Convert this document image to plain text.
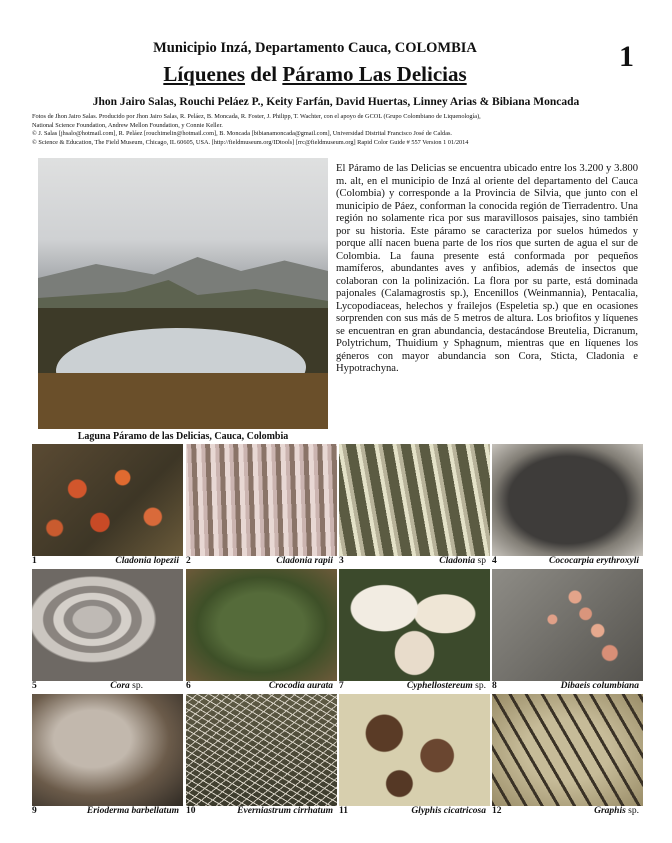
Municipio Inzá, Departamento Cauca, COLOMBIA	1
Líquenes del Páramo Las Delicias
Jhon Jairo Salas, Rouchi Peláez P., Keity Farfán, David Huertas, Linney Arias & Bibiana Moncada
Fotos de Jhon Jairo Salas. Producido por Jhon Jairo Salas, R. Peláez, B. Moncada, R. Foster, J. Philipp, T. Wachter, con el apoyo de GCOL (Grupo Colombiano de Liquenología),
National Science Foundation, Andrew Mellon Foundation, y Connie Keller.
© J. Salas [jhsalo@hotmail.com], R. Peláez [rouchimelin@hotmail.com], B. Moncada [bibianamoncada@gmail.com], Universidad Distrital Francisco José de Caldas.
© Science & Education, The Field Museum, Chicago, IL 60605, USA. [http://fieldmuseum.org/IDtools] [rrc@fieldmuseum.org] Rapid Color Guide # 557 Version 1 01/2014
Laguna Páramo de las Delicias, Cauca, Colombia
El Páramo de las Delicias se encuentra ubicado entre los 3.200 y 3.800 m. alt, en el municipio de Inzá al oriente del departamento del Cauca (Colombia) y corresponde a la Provincia de Silvia, que junto con el municipio de Páez, conforman la conocida región de Tierradentro. Una región no solamente rica por sus maravillosos paisajes, sino también por su historia. Este páramo se caracteriza por suelos húmedos y porque allí nacen buena parte de los ríos que surten de agua el sur de Colombia. La fauna presente está conformada por pequeños mamíferos, abundantes aves y anfibios, además de insectos que colaboran con la polinización. La flora por su parte, está dominada pajonales (Calamagrostis sp.), Encenillos (Weinmannia), Pentacalia, Lycopodiaceas, helechos y frailejos (Espeletia sp.) que en ocasiones sorprenden con sus más de 5 metros de altura. Los briofitos y líquenes se encuentran en gran abundancia, destacándose Breutelia, Dicranum, Polytrichum, Thuidium y Sphagnum, mientras que en líquenes los géneros con mayor abundancia son Cora, Sticta, Cladonia e Hypotrachyna.
1	Cladonia lopezii 2	Cladonia rapii 3	Cladonia sp 4	Cococarpia erythroxyli
5	Cora sp.	6	Crocodia aurata 7	Cyphellostereum sp. 8	Dibaeis columbiana
9	Erioderma barbellatum 10	Everniastrum cirrhatum 11	Glyphis cicatricosa 12	Graphis sp.
